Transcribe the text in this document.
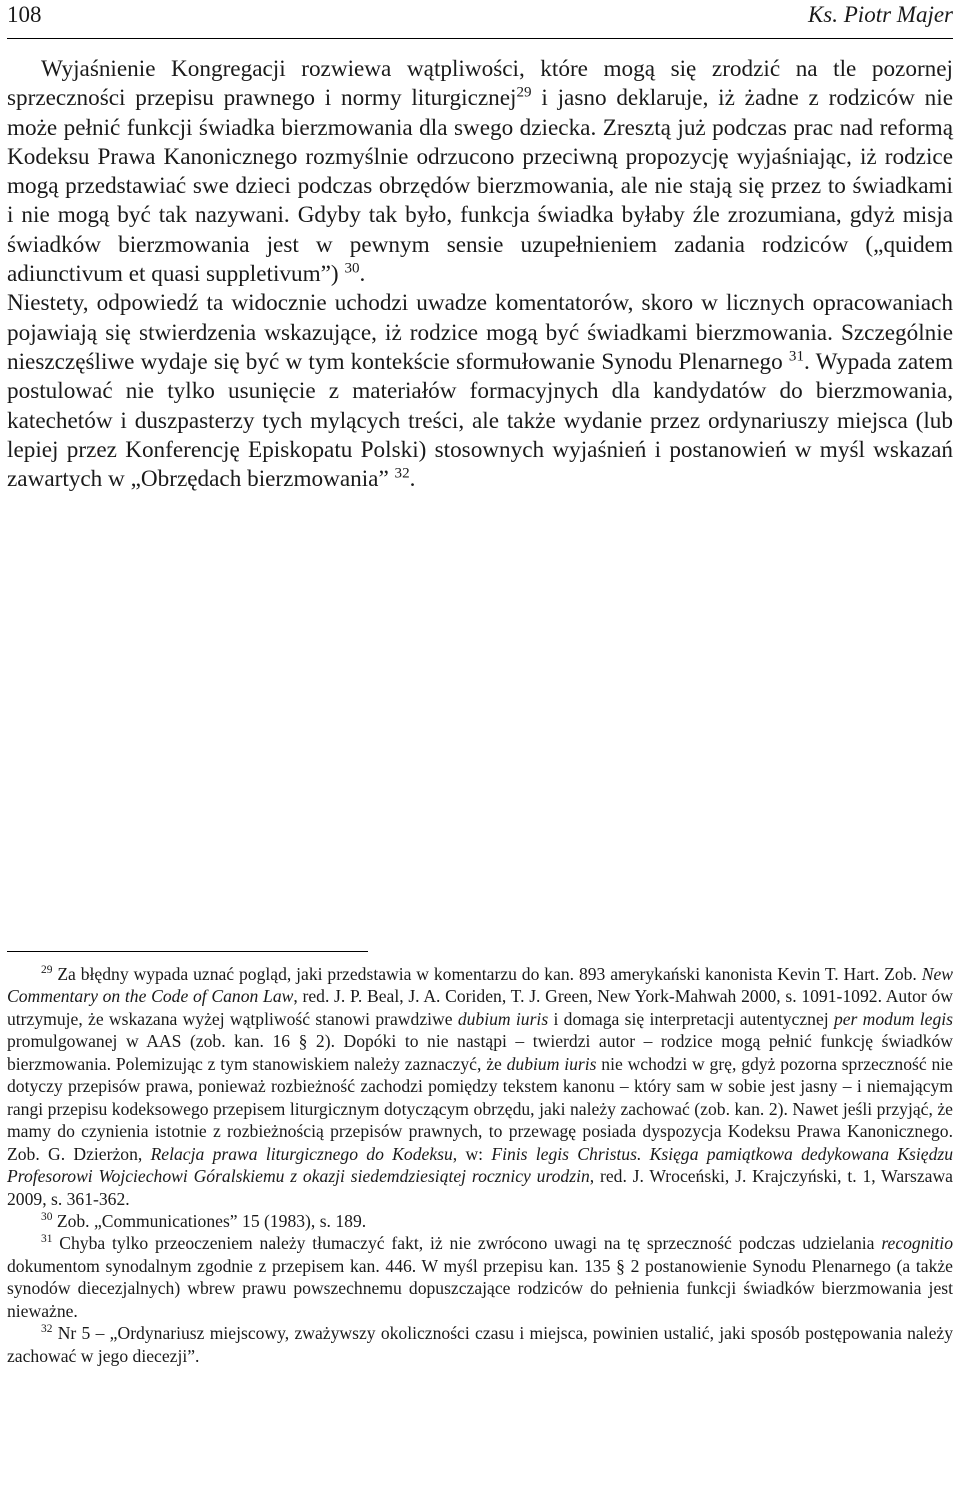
108	Ks. Piotr Majer

Wyjaśnienie Kongregacji rozwiewa wątpliwości, które mogą się zrodzić na tle pozornej sprzeczności przepisu prawnego i normy liturgicznej$^{29}$ i jasno deklaruje, iż żadne z rodziców nie może pełnić funkcji świadka bierzmowania dla swego dziecka. Zresztą już podczas prac nad reformą Kodeksu Prawa Kanonicznego rozmyślnie odrzucono przeciwną propozycję wyjaśniając, iż rodzice mogą przedstawiać swe dzieci podczas obrzędów bierzmowania, ale nie stają się przez to świadkami i nie mogą być tak nazywani. Gdyby tak było, funkcja świadka byłaby źle zrozumiana, gdyż misja świadków bierzmowania jest w pewnym sensie uzupełnieniem zadania rodziców („quidem adiunctivum et quasi suppletivum”) $^{30}$.

Niestety, odpowiedź ta widocznie uchodzi uwadze komentatorów, skoro w licznych opracowaniach pojawiają się stwierdzenia wskazujące, iż rodzice mogą być świadkami bierzmowania. Szczególnie nieszczęśliwe wydaje się być w tym kontekście sformułowanie Synodu Plenarnego $^{31}$. Wypada zatem postulować nie tylko usunięcie z materiałów formacyjnych dla kandydatów do bierzmowania, katechetów i duszpasterzy tych mylących treści, ale także wydanie przez ordynariuszy miejsca (lub lepiej przez Konferencję Episkopatu Polski) stosownych wyjaśnień i postanowień w myśl wskazań zawartych w „Obrzędach bierzmowania” $^{32}$.

$^{29}$ Za błędny wypada uznać pogląd, jaki przedstawia w komentarzu do kan. 893 amerykański kanonista Kevin T. Hart. Zob. New Commentary on the Code of Canon Law, red. J. P. Beal, J. A. Coriden, T. J. Green, New York-Mahwah 2000, s. 1091-1092. Autor ów utrzymuje, że wskazana wyżej wątpliwość stanowi prawdziwe dubium iuris i domaga się interpretacji autentycznej per modum legis promulgowanej w AAS (zob. kan. 16 § 2). Dopóki to nie nastąpi – twierdzi autor – rodzice mogą pełnić funkcję świadków bierzmowania. Polemizując z tym stanowiskiem należy zaznaczyć, że dubium iuris nie wchodzi w grę, gdyż pozorna sprzeczność nie dotyczy przepisów prawa, ponieważ rozbieżność zachodzi pomiędzy tekstem kanonu – który sam w sobie jest jasny – i niemającym rangi przepisu kodeksowego przepisem liturgicznym dotyczącym obrzędu, jaki należy zachować (zob. kan. 2). Nawet jeśli przyjąć, że mamy do czynienia istotnie z rozbieżnością przepisów prawnych, to przewagę posiada dyspozycja Kodeksu Prawa Kanonicznego. Zob. G. Dzierżon, Relacja prawa liturgicznego do Kodeksu, w: Finis legis Christus. Księga pamiątkowa dedykowana Księdzu Profesorowi Wojciechowi Góralskiemu z okazji siedemdziesiątej rocznicy urodzin, red. J. Wroceński, J. Krajczyński, t. 1, Warszawa 2009, s. 361-362.

$^{30}$ Zob. „Communicationes” 15 (1983), s. 189.

$^{31}$ Chyba tylko przeoczeniem należy tłumaczyć fakt, iż nie zwrócono uwagi na tę sprzeczność podczas udzielania recognitio dokumentom synodalnym zgodnie z przepisem kan. 446. W myśl przepisu kan. 135 § 2 postanowienie Synodu Plenarnego (a także synodów diecezjalnych) wbrew prawu powszechnemu dopuszczające rodziców do pełnienia funkcji świadków bierzmowania jest nieważne.

$^{32}$ Nr 5 – „Ordynariusz miejscowy, zważywszy okoliczności czasu i miejsca, powinien ustalić, jaki sposób postępowania należy zachować w jego diecezji”.
